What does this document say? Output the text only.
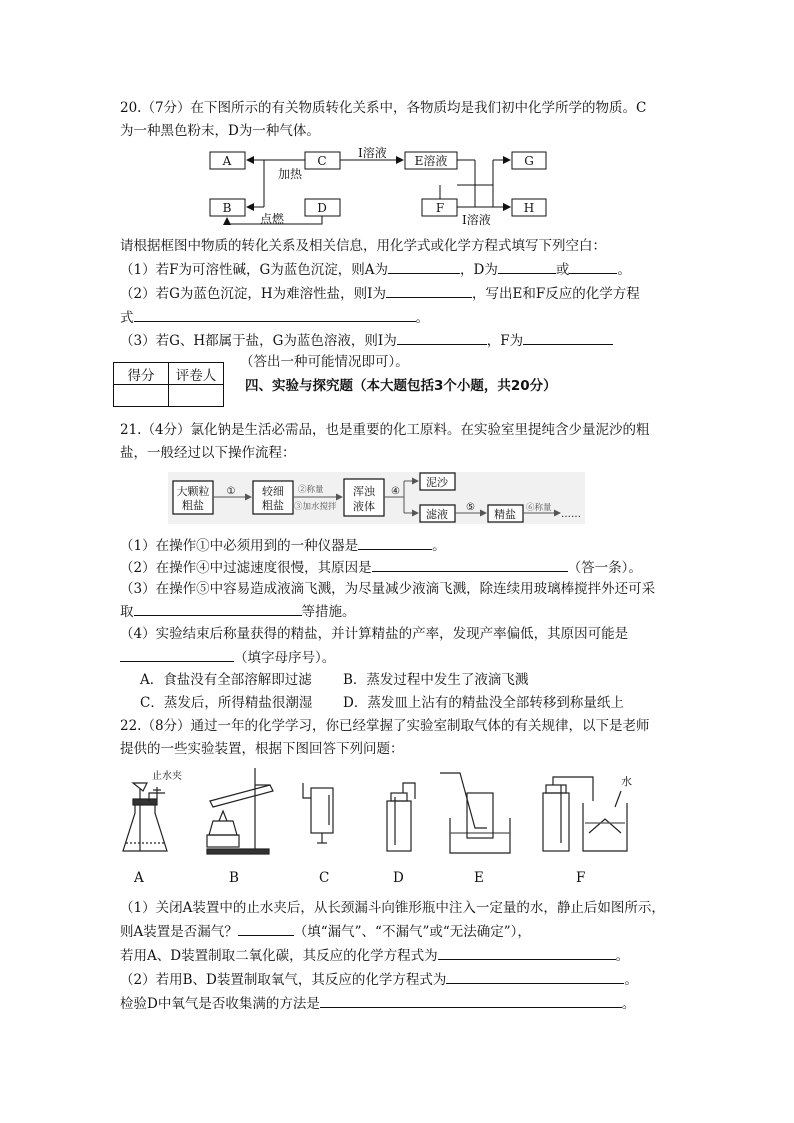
20.（7分）在下图所示的有关物质转化关系中，各物质均是我们初中化学所学的物质。C
为一种黑色粉末，D为一种气体。
A
B
C
D
E溶液
F
G
H
加热
点燃
I溶液
I溶液
请根据框图中物质的转化关系及相关信息，用化学式或化学方程式填写下列空白：
（1）若F为可溶性碱，G为蓝色沉淀，则A为	，D为	或	。
（2）若G为蓝色沉淀，H为难溶性盐，则I为	，写出E和F反应的化学方程
式	。
（3）若G、H都属于盐，G为蓝色溶液，则I为	，F为
（答出一种可能情况即可）。
得分	评卷人

四、实验与探究题（本大题包括3个小题，共20分）
21.（4分）氯化钠是生活必需品，也是重要的化工原料。在实验室里提纯含少量泥沙的粗
盐，一般经过以下操作流程：
大颗粒
粗盐
① 较细
粗盐
②称量
③加水搅拌
浑浊
液体
④
泥沙
滤液
⑤
精盐 ⑥称量
……
（1）在操作①中必须用到的一种仪器是	。
（2）在操作④中过滤速度很慢，其原因是	（答一条）。
（3）在操作⑤中容易造成液滴飞溅，为尽量减少液滴飞溅，除连续用玻璃棒搅拌外还可采
取	等措施。
（4）实验结束后称量获得的精盐，并计算精盐的产率，发现产率偏低，其原因可能是
（填字母序号）。
A．食盐没有全部溶解即过滤 B．蒸发过程中发生了液滴飞溅
C．蒸发后，所得精盐很潮湿 D．蒸发皿上沾有的精盐没全部转移到称量纸上
22.（8分）通过一年的化学学习，你已经掌握了实验室制取气体的有关规律，以下是老师
提供的一些实验装置，根据下图回答下列问题：
止水夹	水
A	B	C	D	E	F
（1）关闭A装置中的止水夹后，从长颈漏斗向锥形瓶中注入一定量的水，静止后如图所示，
则A装置是否漏气？	（填“漏气”、“不漏气”或“无法确定”），
若用A、D装置制取二氧化碳，其反应的化学方程式为	。
（2）若用B、D装置制取氧气，其反应的化学方程式为	。
检验D中氧气是否收集满的方法是	。
